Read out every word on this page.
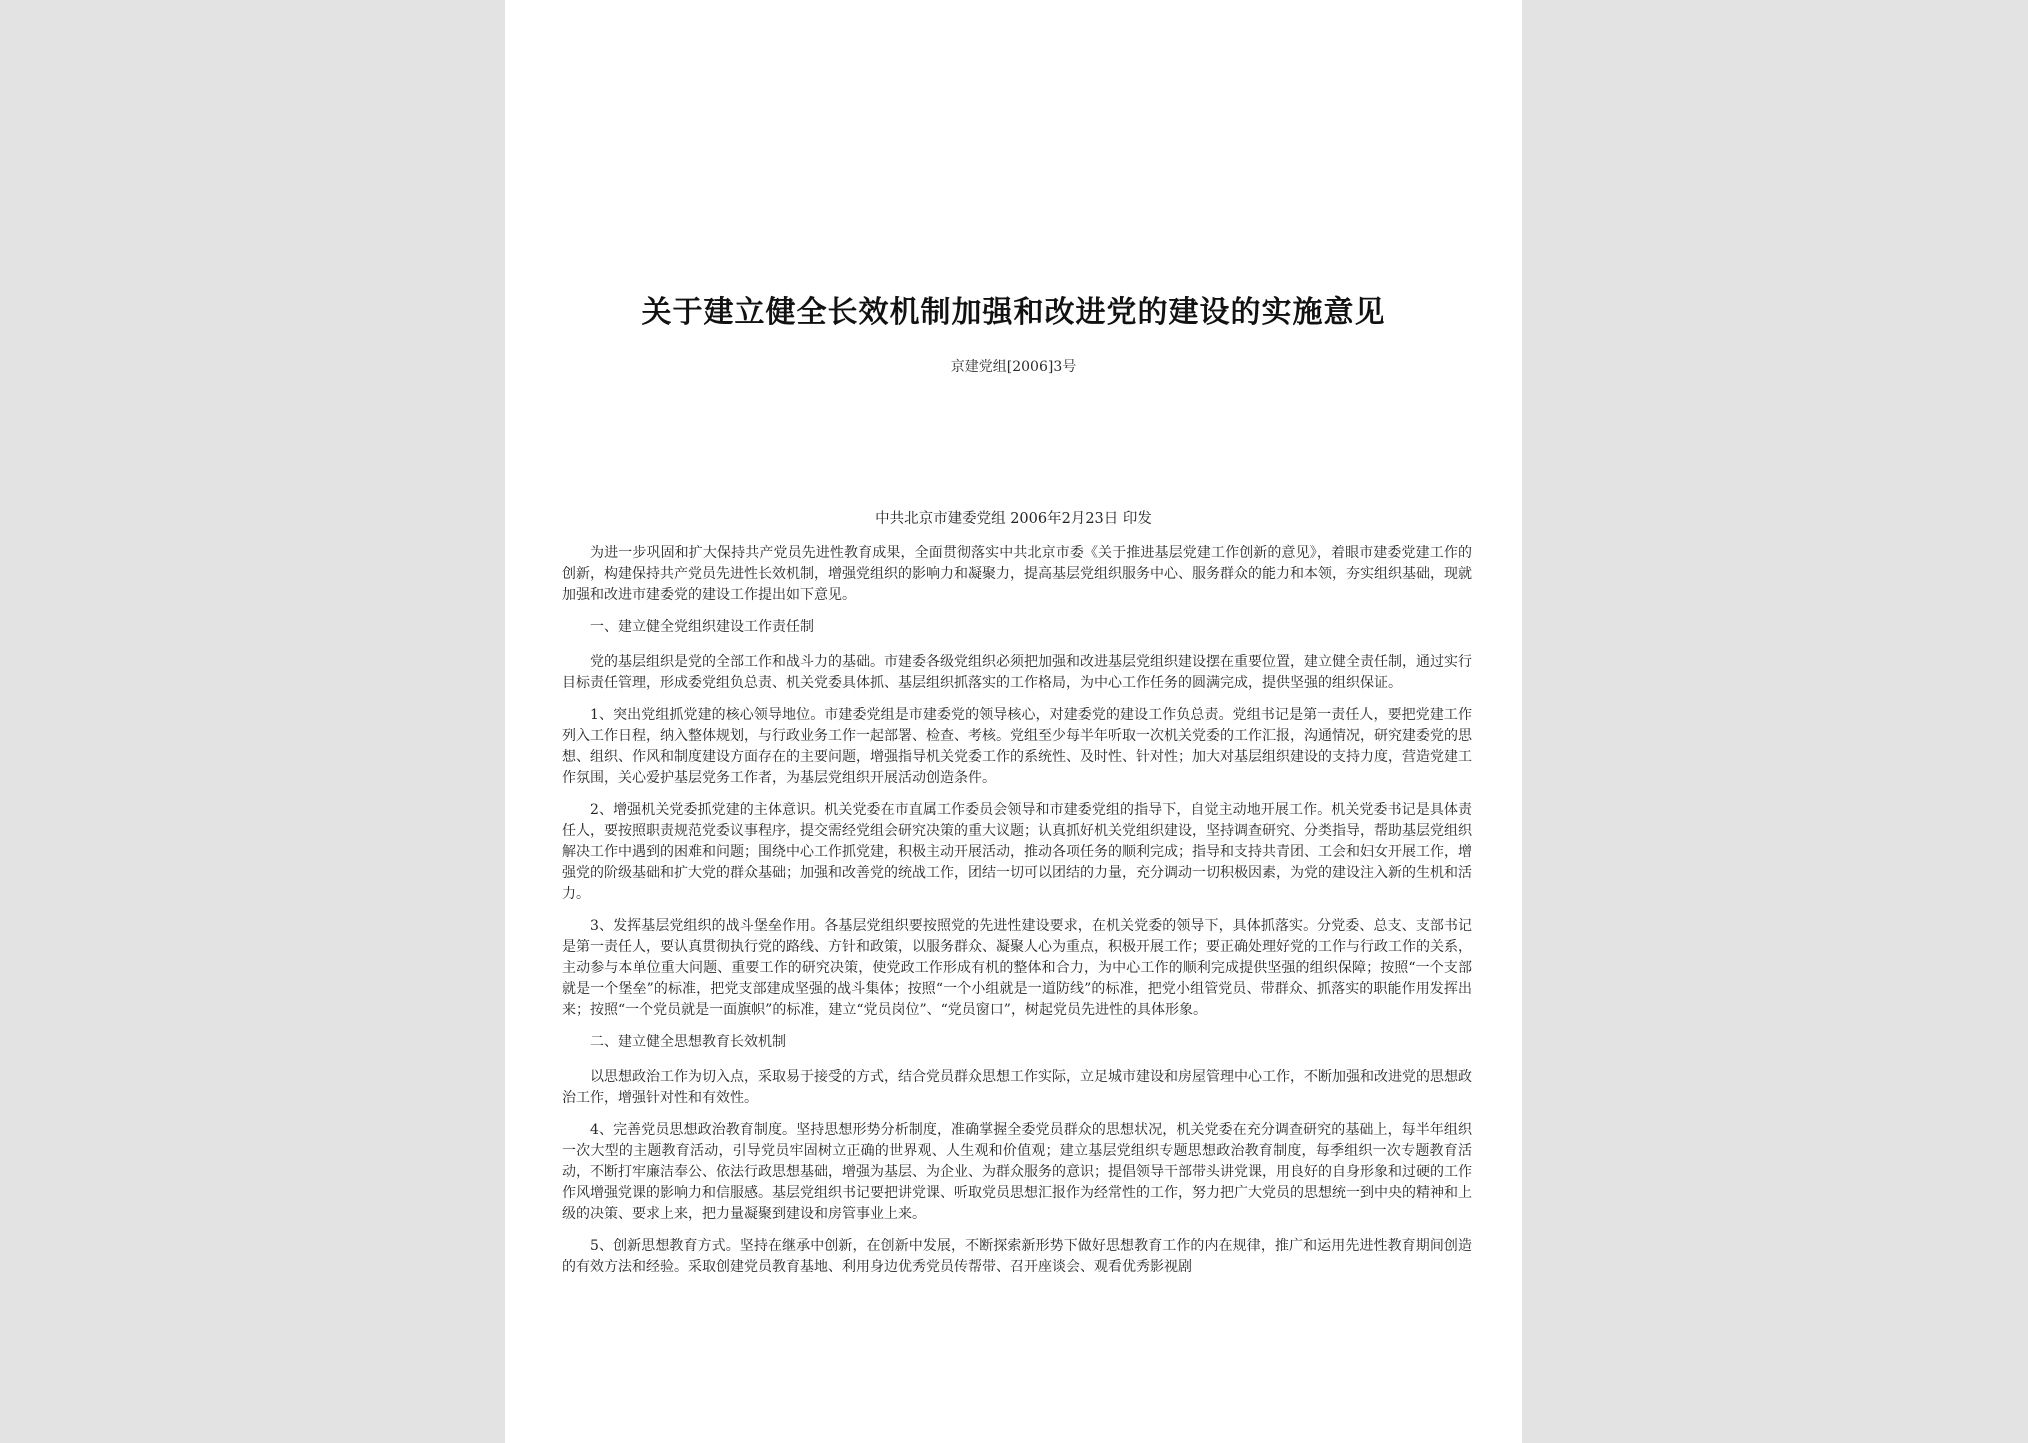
关于建立健全长效机制加强和改进党的建设的实施意见
京建党组[2006]3号
中共北京市建委党组 2006年2月23日 印发

为进一步巩固和扩大保持共产党员先进性教育成果，全面贯彻落实中共北京市委《关于推进基层党建工作创新的意见》，着眼市建委党建工作的创新，构建保持共产党员先进性长效机制，增强党组织的影响力和凝聚力，提高基层党组织服务中心、服务群众的能力和本领，夯实组织基础，现就加强和改进市建委党的建设工作提出如下意见。

一、建立健全党组织建设工作责任制

党的基层组织是党的全部工作和战斗力的基础。市建委各级党组织必须把加强和改进基层党组织建设摆在重要位置，建立健全责任制，通过实行目标责任管理，形成委党组负总责、机关党委具体抓、基层组织抓落实的工作格局，为中心工作任务的圆满完成，提供坚强的组织保证。

1、突出党组抓党建的核心领导地位。市建委党组是市建委党的领导核心，对建委党的建设工作负总责。党组书记是第一责任人，要把党建工作列入工作日程，纳入整体规划，与行政业务工作一起部署、检查、考核。党组至少每半年听取一次机关党委的工作汇报，沟通情况，研究建委党的思想、组织、作风和制度建设方面存在的主要问题，增强指导机关党委工作的系统性、及时性、针对性；加大对基层组织建设的支持力度，营造党建工作氛围，关心爱护基层党务工作者，为基层党组织开展活动创造条件。

2、增强机关党委抓党建的主体意识。机关党委在市直属工作委员会领导和市建委党组的指导下，自觉主动地开展工作。机关党委书记是具体责任人，要按照职责规范党委议事程序，提交需经党组会研究决策的重大议题；认真抓好机关党组织建设，坚持调查研究、分类指导，帮助基层党组织解决工作中遇到的困难和问题；围绕中心工作抓党建，积极主动开展活动，推动各项任务的顺利完成；指导和支持共青团、工会和妇女开展工作，增强党的阶级基础和扩大党的群众基础；加强和改善党的统战工作，团结一切可以团结的力量，充分调动一切积极因素，为党的建设注入新的生机和活力。

3、发挥基层党组织的战斗堡垒作用。各基层党组织要按照党的先进性建设要求，在机关党委的领导下，具体抓落实。分党委、总支、支部书记是第一责任人，要认真贯彻执行党的路线、方针和政策，以服务群众、凝聚人心为重点，积极开展工作；要正确处理好党的工作与行政工作的关系，主动参与本单位重大问题、重要工作的研究决策，使党政工作形成有机的整体和合力，为中心工作的顺利完成提供坚强的组织保障；按照“一个支部就是一个堡垒”的标准，把党支部建成坚强的战斗集体；按照“一个小组就是一道防线”的标准，把党小组管党员、带群众、抓落实的职能作用发挥出来；按照“一个党员就是一面旗帜”的标准，建立“党员岗位”、“党员窗口”，树起党员先进性的具体形象。

二、建立健全思想教育长效机制

以思想政治工作为切入点，采取易于接受的方式，结合党员群众思想工作实际，立足城市建设和房屋管理中心工作，不断加强和改进党的思想政治工作，增强针对性和有效性。

4、完善党员思想政治教育制度。坚持思想形势分析制度，准确掌握全委党员群众的思想状况，机关党委在充分调查研究的基础上，每半年组织一次大型的主题教育活动，引导党员牢固树立正确的世界观、人生观和价值观；建立基层党组织专题思想政治教育制度，每季组织一次专题教育活动，不断打牢廉洁奉公、依法行政思想基础，增强为基层、为企业、为群众服务的意识；提倡领导干部带头讲党课，用良好的自身形象和过硬的工作作风增强党课的影响力和信服感。基层党组织书记要把讲党课、听取党员思想汇报作为经常性的工作，努力把广大党员的思想统一到中央的精神和上级的决策、要求上来，把力量凝聚到建设和房管事业上来。

5、创新思想教育方式。坚持在继承中创新，在创新中发展，不断探索新形势下做好思想教育工作的内在规律，推广和运用先进性教育期间创造的有效方法和经验。采取创建党员教育基地、利用身边优秀党员传帮带、召开座谈会、观看优秀影视剧
